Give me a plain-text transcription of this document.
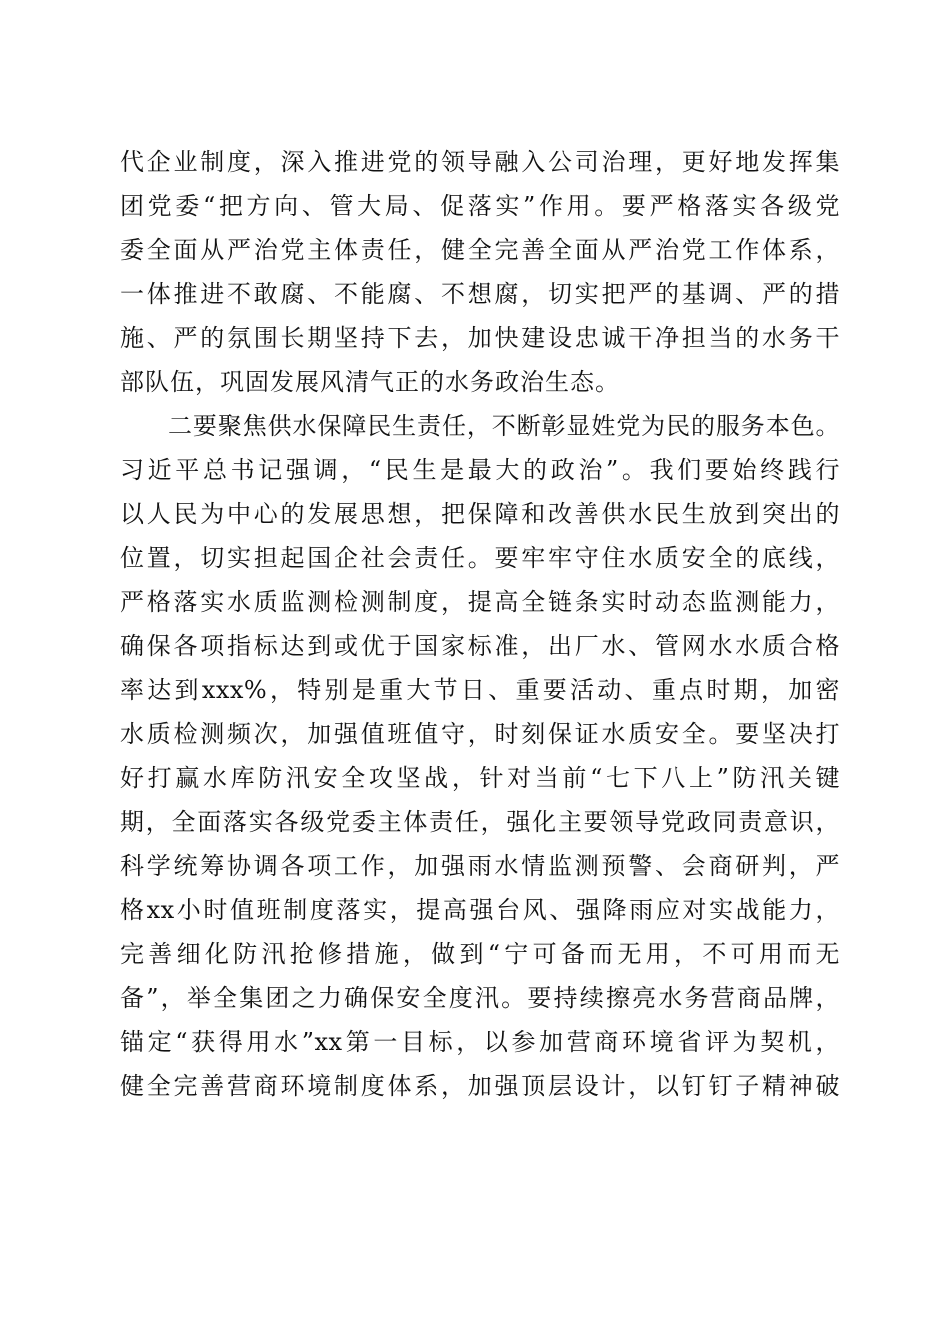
代企业制度，深入推进党的领导融入公司治理，更好地发挥集
团党委“把方向、管大局、促落实”作用。要严格落实各级党
委全面从严治党主体责任，健全完善全面从严治党工作体系，
一体推进不敢腐、不能腐、不想腐，切实把严的基调、严的措
施、严的氛围长期坚持下去，加快建设忠诚干净担当的水务干
部队伍，巩固发展风清气正的水务政治生态。
二要聚焦供水保障民生责任，不断彰显姓党为民的服务本色。
习近平总书记强调，“民生是最大的政治”。我们要始终践行
以人民为中心的发展思想，把保障和改善供水民生放到突出的
位置，切实担起国企社会责任。要牢牢守住水质安全的底线，
严格落实水质监测检测制度，提高全链条实时动态监测能力，
确保各项指标达到或优于国家标准，出厂水、管网水水质合格
率达到xxx%，特别是重大节日、重要活动、重点时期，加密
水质检测频次，加强值班值守，时刻保证水质安全。要坚决打
好打赢水库防汛安全攻坚战，针对当前“七下八上”防汛关键
期，全面落实各级党委主体责任，强化主要领导党政同责意识，
科学统筹协调各项工作，加强雨水情监测预警、会商研判，严
格xx小时值班制度落实，提高强台风、强降雨应对实战能力，
完善细化防汛抢修措施，做到“宁可备而无用，不可用而无
备”，举全集团之力确保安全度汛。要持续擦亮水务营商品牌，
锚定“获得用水”xx第一目标，以参加营商环境省评为契机，
健全完善营商环境制度体系，加强顶层设计，以钉钉子精神破
